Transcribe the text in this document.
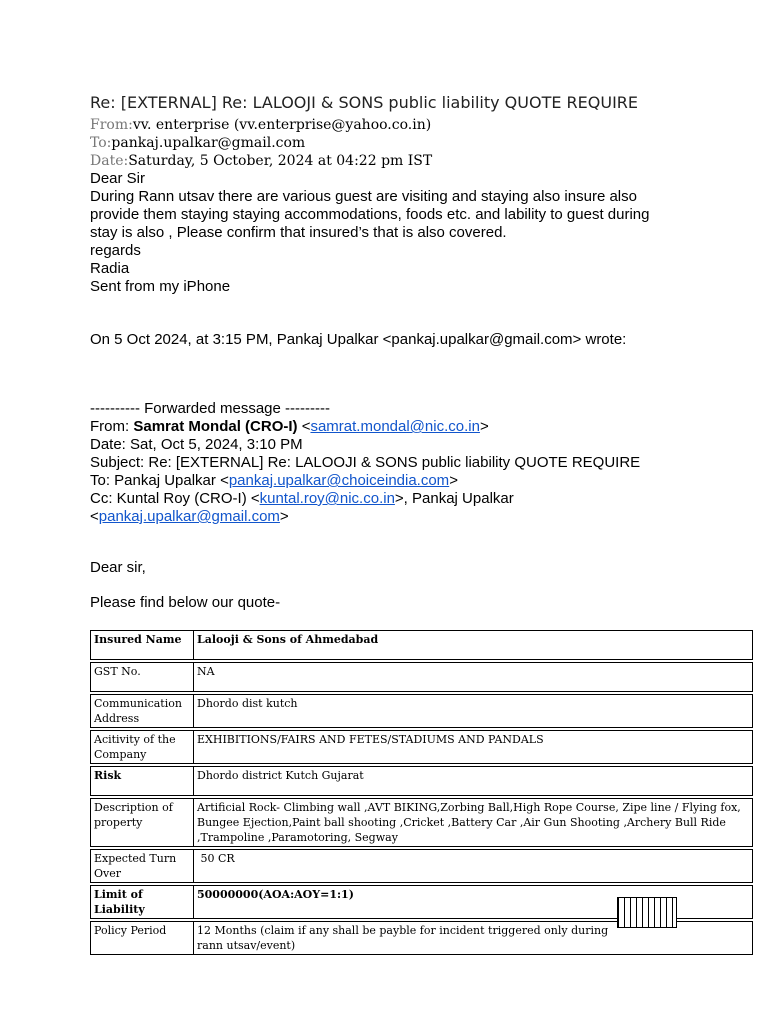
Re: [EXTERNAL] Re: LALOOJI & SONS public liability QUOTE REQUIRE
From:vv. enterprise (vv.enterprise@yahoo.co.in)
To:pankaj.upalkar@gmail.com
Date:Saturday, 5 October, 2024 at 04:22 pm IST
Dear Sir
During Rann utsav there are various guest are visiting and staying also insure also provide them staying staying accommodations, foods etc. and lability to guest during stay is also , Please confirm that insured’s that is also covered.
regards
Radia
Sent from my iPhone
On 5 Oct 2024, at 3:15 PM, Pankaj Upalkar <pankaj.upalkar@gmail.com> wrote:
---------- Forwarded message ---------
From: Samrat Mondal (CRO-I) <samrat.mondal@nic.co.in>
Date: Sat, Oct 5, 2024, 3:10 PM
Subject: Re: [EXTERNAL] Re: LALOOJI & SONS public liability QUOTE REQUIRE
To: Pankaj Upalkar <pankaj.upalkar@choiceindia.com>
Cc: Kuntal Roy (CRO-I) <kuntal.roy@nic.co.in>, Pankaj Upalkar
<pankaj.upalkar@gmail.com>
Dear sir,
Please find below our quote-
Insured Name	Lalooji & Sons of Ahmedabad
GST No.	NA
Communication Address	Dhordo dist kutch
Acitivity of the Company	EXHIBITIONS/FAIRS AND FETES/STADIUMS AND PANDALS
Risk	Dhordo district Kutch Gujarat
Description of property	Artificial Rock- Climbing wall ,AVT BIKING,Zorbing Ball,High Rope Course, Zipe line / Flying fox, Bungee Ejection,Paint ball shooting ,Cricket ,Battery Car ,Air Gun Shooting ,Archery Bull Ride ,Trampoline ,Paramotoring, Segway
Expected Turn Over	50 CR
Limit of Liability	50000000(AOA:AOY=1:1)
Policy Period	12 Months (claim if any shall be payble for incident triggered only during rann utsav/event)
